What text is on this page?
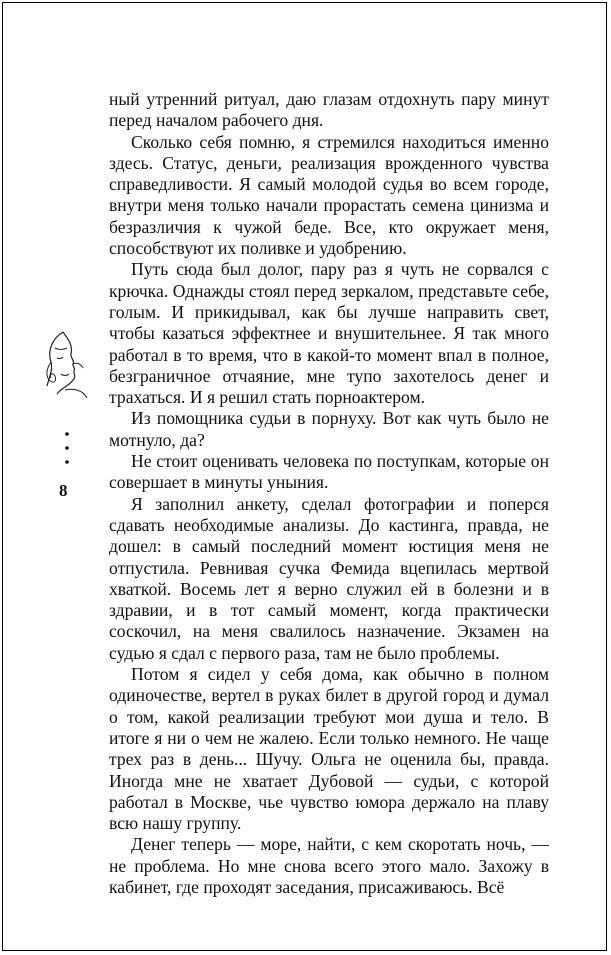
8

ный утренний ритуал, даю глазам отдохнуть пару минут перед началом рабочего дня.

Сколько себя помню, я стремился находиться именно здесь. Статус, деньги, реализация врожденного чувства справедливости. Я самый молодой судья во всем городе, внутри меня только начали прорастать семена цинизма и безразличия к чужой беде. Все, кто окружает меня, способствуют их поливке и удобрению.

Путь сюда был долог, пару раз я чуть не сорвался с крючка. Однажды стоял перед зеркалом, представьте себе, голым. И прикидывал, как бы лучше направить свет, чтобы казаться эффектнее и внушительнее. Я так много работал в то время, что в какой-то момент впал в полное, безграничное отчаяние, мне тупо захотелось денег и трахаться. И я решил стать порноактером.

Из помощника судьи в порнуху. Вот как чуть было не мотнуло, да?

Не стоит оценивать человека по поступкам, которые он совершает в минуты уныния.

Я заполнил анкету, сделал фотографии и поперся сдавать необходимые анализы. До кастинга, правда, не дошел: в самый последний момент юстиция меня не отпустила. Ревнивая сучка Фемида вцепилась мертвой хваткой. Восемь лет я верно служил ей в болезни и в здравии, и в тот самый момент, когда практически соскочил, на меня свалилось назначение. Экзамен на судью я сдал с первого раза, там не было проблемы.

Потом я сидел у себя дома, как обычно в полном одиночестве, вертел в руках билет в другой город и думал о том, какой реализации требуют мои душа и тело. В итоге я ни о чем не жалею. Если только немного. Не чаще трех раз в день... Шучу. Ольга не оценила бы, правда. Иногда мне не хватает Дубовой — судьи, с которой работал в Москве, чье чувство юмора держало на плаву всю нашу группу.

Денег теперь — море, найти, с кем скоротать ночь, — не проблема. Но мне снова всего этого мало. Захожу в кабинет, где проходят заседания, присаживаюсь. Всё
